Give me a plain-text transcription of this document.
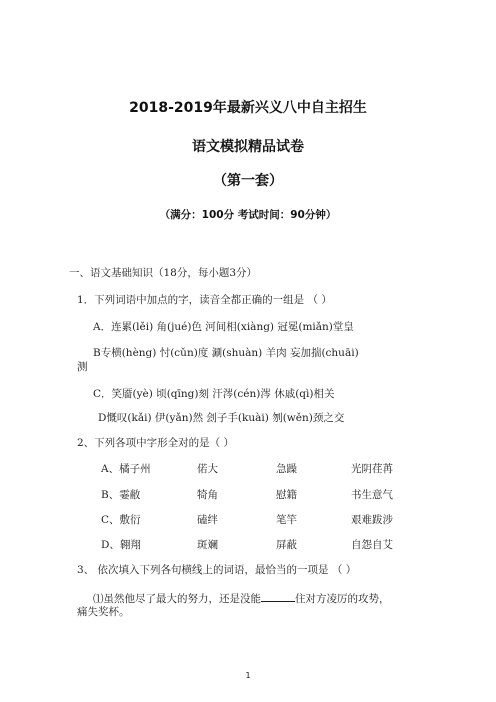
2018-2019年最新兴义八中自主招生
语文模拟精品试卷
（第一套）
（满分：100分 考试时间：90分钟）
一、语文基础知识（18分，每小题3分）
1．下列词语中加点的字，读音全都正确的一组是 （ ）
A．连累(lěi) 角(jué)色 河间相(xiàng) 冠冕(miǎn)堂皇
B专横(hèng) 忖(cǔn)度 涮(shuàn) 羊肉 妄加揣(chuāi)
测
C．笑靥(yè) 顷(qīng)刻 汗涔(cén)涔 休戚(qì)相关
D慨叹(kǎi) 伊(yǎn)然 刽子手(kuài) 刎(wěn)颈之交
2、下列各项中字形全对的是（ ）
A、橘子州	偌大	急躁	光阴荏苒
B、霎敝	犄角	慰籍	书生意气
C、敷衍	磕绊	笔竿	艰难跋涉
D、翱翔	斑斓	屏蔽	自怨自艾
3、 依次填入下列各句横线上的词语，最恰当的一项是 （ ）
⑴虽然他尽了最大的努力，还是没能	住对方凌厉的攻势，
痛失奖杯。
1
